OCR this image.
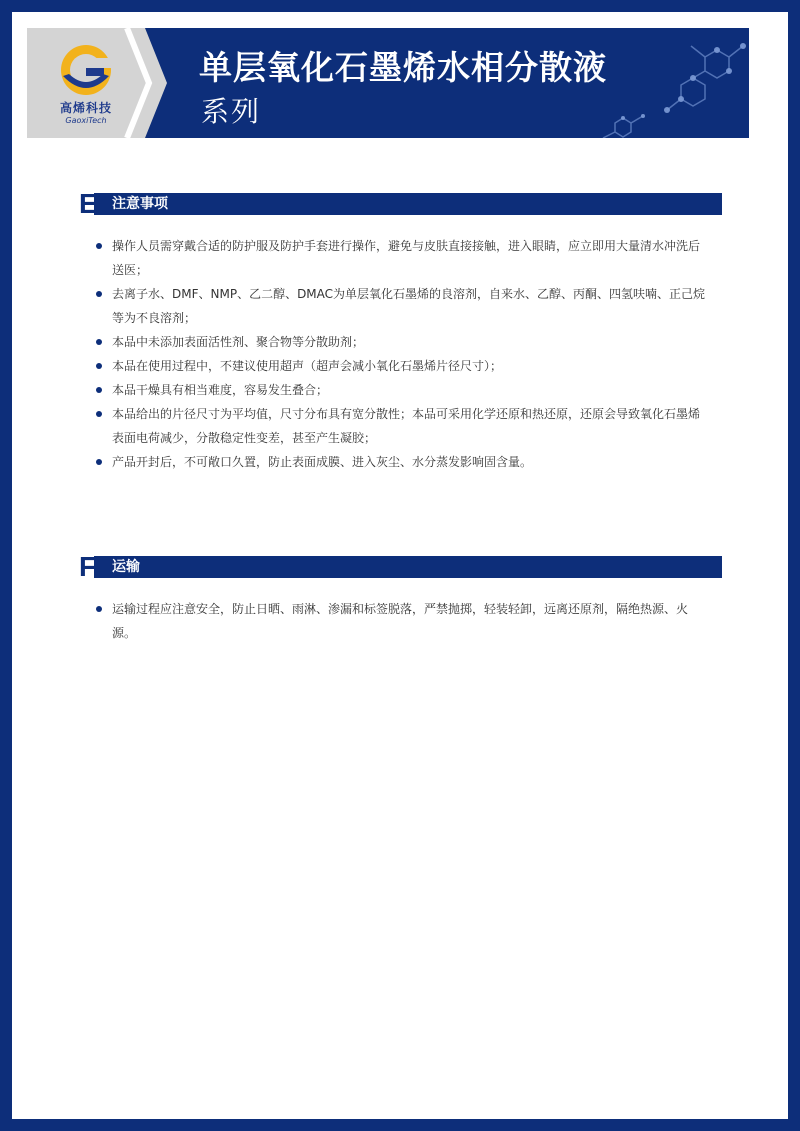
高烯科技
GaoxiTech
单层氧化石墨烯水相分散液
系列
E 注意事项
操作人员需穿戴合适的防护服及防护手套进行操作，避免与皮肤直接接触，进入眼睛，应立即用大量清水冲洗后送医；
去离子水、DMF、NMP、乙二醇、DMAC为单层氧化石墨烯的良溶剂，自来水、乙醇、丙酮、四氢呋喃、正己烷等为不良溶剂；
本品中未添加表面活性剂、聚合物等分散助剂；
本品在使用过程中，不建议使用超声（超声会减小氧化石墨烯片径尺寸）；
本品干燥具有相当难度，容易发生叠合；
本品给出的片径尺寸为平均值，尺寸分布具有宽分散性；本品可采用化学还原和热还原，还原会导致氧化石墨烯表面电荷减少，分散稳定性变差，甚至产生凝胶；
产品开封后，不可敞口久置，防止表面成膜、进入灰尘、水分蒸发影响固含量。
F 运输
运输过程应注意安全，防止日晒、雨淋、渗漏和标签脱落，严禁抛掷，轻装轻卸，远离还原剂，隔绝热源、火源。
